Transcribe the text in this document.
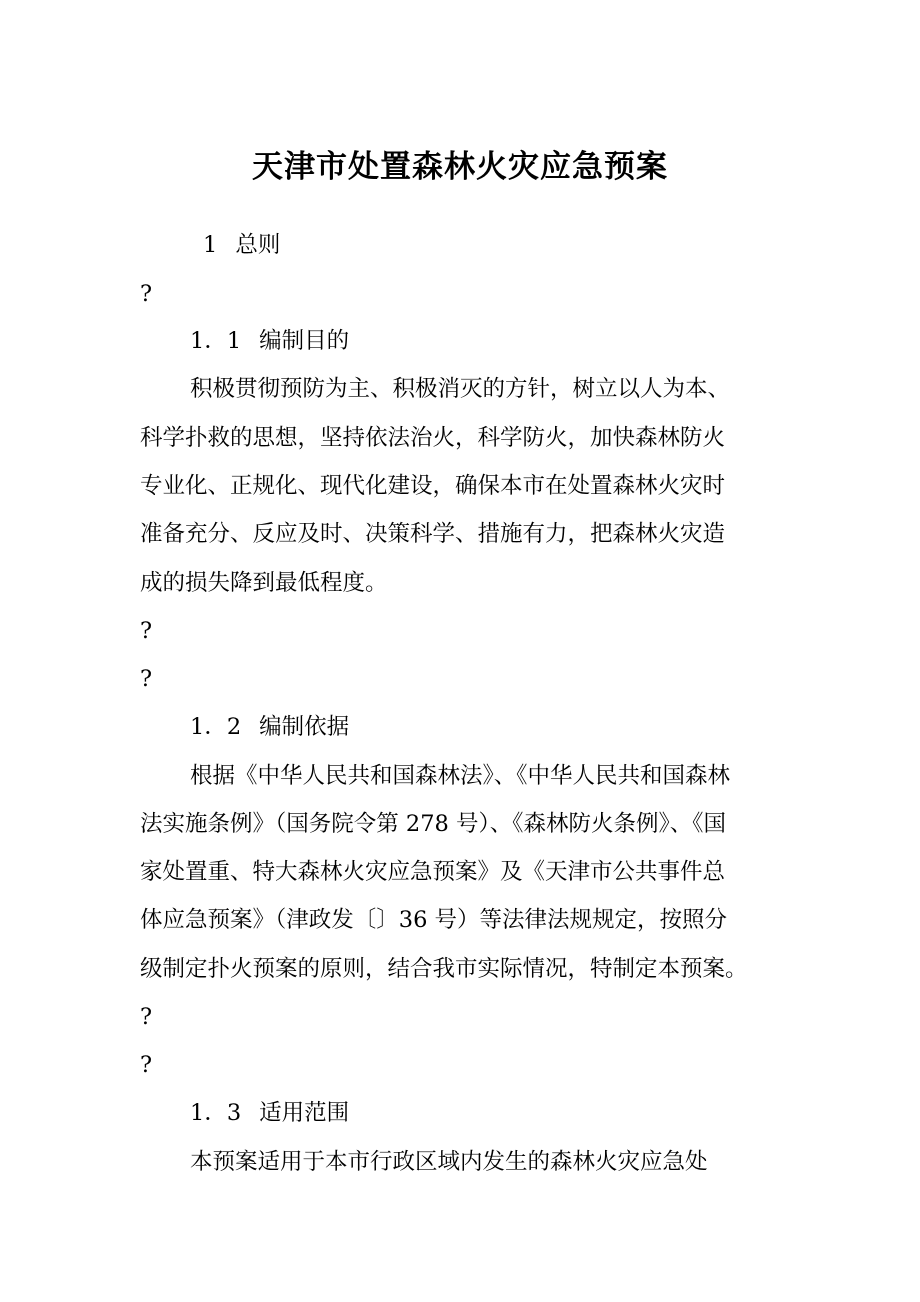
天津市处置森林火灾应急预案

1 总则

?

1．1 编制目的

积极贯彻预防为主、积极消灭的方针，树立以人为本、

科学扑救的思想，坚持依法治火，科学防火，加快森林防火

专业化、正规化、现代化建设，确保本市在处置森林火灾时

准备充分、反应及时、决策科学、措施有力，把森林火灾造

成的损失降到最低程度。

?

?

1．2 编制依据

根据《中华人民共和国森林法》、《中华人民共和国森林

法实施条例》（国务院令第 278 号）、《森林防火条例》、《国

家处置重、特大森林火灾应急预案》及《天津市公共事件总

体应急预案》（津政发〔〕36 号）等法律法规规定，按照分

级制定扑火预案的原则，结合我市实际情况，特制定本预案。

?

?

1．3 适用范围

本预案适用于本市行政区域内发生的森林火灾应急处
